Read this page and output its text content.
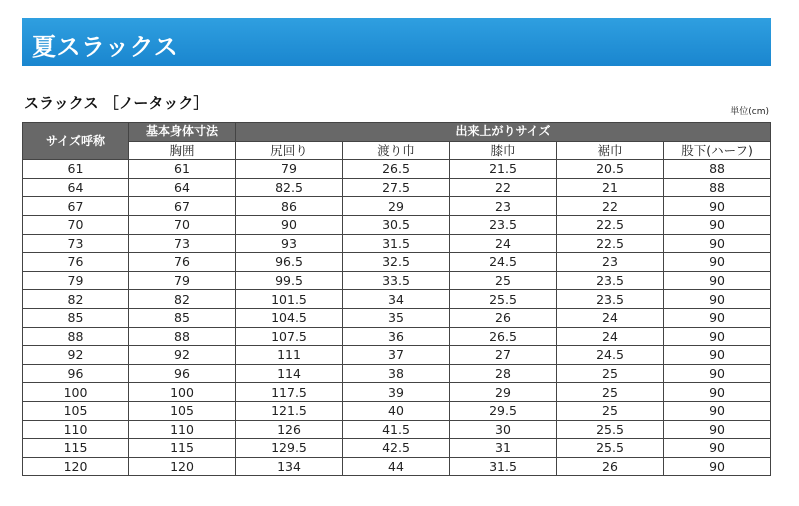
夏スラックス
スラックス ［ノータック］	単位(cm)
サイズ呼称	基本身体寸法	出来上がりサイズ				
	胸囲	尻回り	渡り巾	膝巾	裾巾	股下(ハーフ)
61	61	79	26.5	21.5	20.5	88
64	64	82.5	27.5	22	21	88
67	67	86	29	23	22	90
70	70	90	30.5	23.5	22.5	90
73	73	93	31.5	24	22.5	90
76	76	96.5	32.5	24.5	23	90
79	79	99.5	33.5	25	23.5	90
82	82	101.5	34	25.5	23.5	90
85	85	104.5	35	26	24	90
88	88	107.5	36	26.5	24	90
92	92	111	37	27	24.5	90
96	96	114	38	28	25	90
100	100	117.5	39	29	25	90
105	105	121.5	40	29.5	25	90
110	110	126	41.5	30	25.5	90
115	115	129.5	42.5	31	25.5	90
120	120	134	44	31.5	26	90
